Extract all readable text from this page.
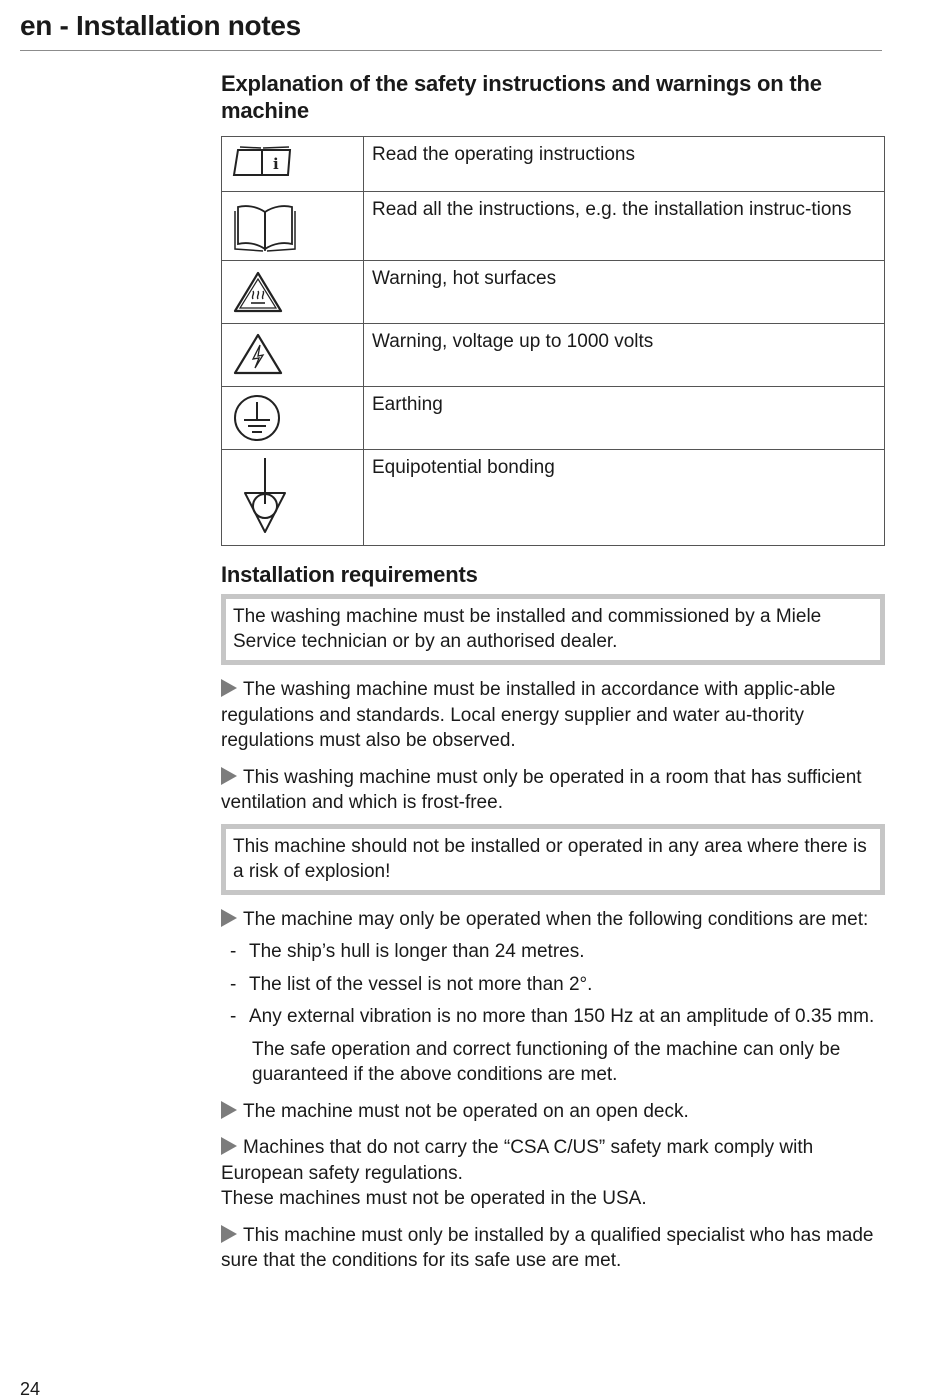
en - Installation notes
Explanation of the safety instructions and warnings on the machine
i	Read the operating instructions

	Read all the instructions, e.g. the installation instruc-tions

	Warning, hot surfaces

	Warning, voltage up to 1000 volts

	Earthing

	Equipotential bonding
Installation requirements
The washing machine must be installed and commissioned by a Miele Service technician or by an authorised dealer.
The washing machine must be installed in accordance with applic-able regulations and standards. Local energy supplier and water au-thority regulations must also be observed.
This washing machine must only be operated in a room that has sufficient ventilation and which is frost-free.
This machine should not be installed or operated in any area where there is a risk of explosion!
The machine may only be operated when the following conditions are met:
- The ship’s hull is longer than 24 metres.
- The list of the vessel is not more than 2°.
- Any external vibration is no more than 150 Hz at an amplitude of 0.35 mm.
The safe operation and correct functioning of the machine can only be guaranteed if the above conditions are met.
The machine must not be operated on an open deck.
Machines that do not carry the “CSA C/US” safety mark comply with European safety regulations.
These machines must not be operated in the USA.
This machine must only be installed by a qualified specialist who has made sure that the conditions for its safe use are met.
24
